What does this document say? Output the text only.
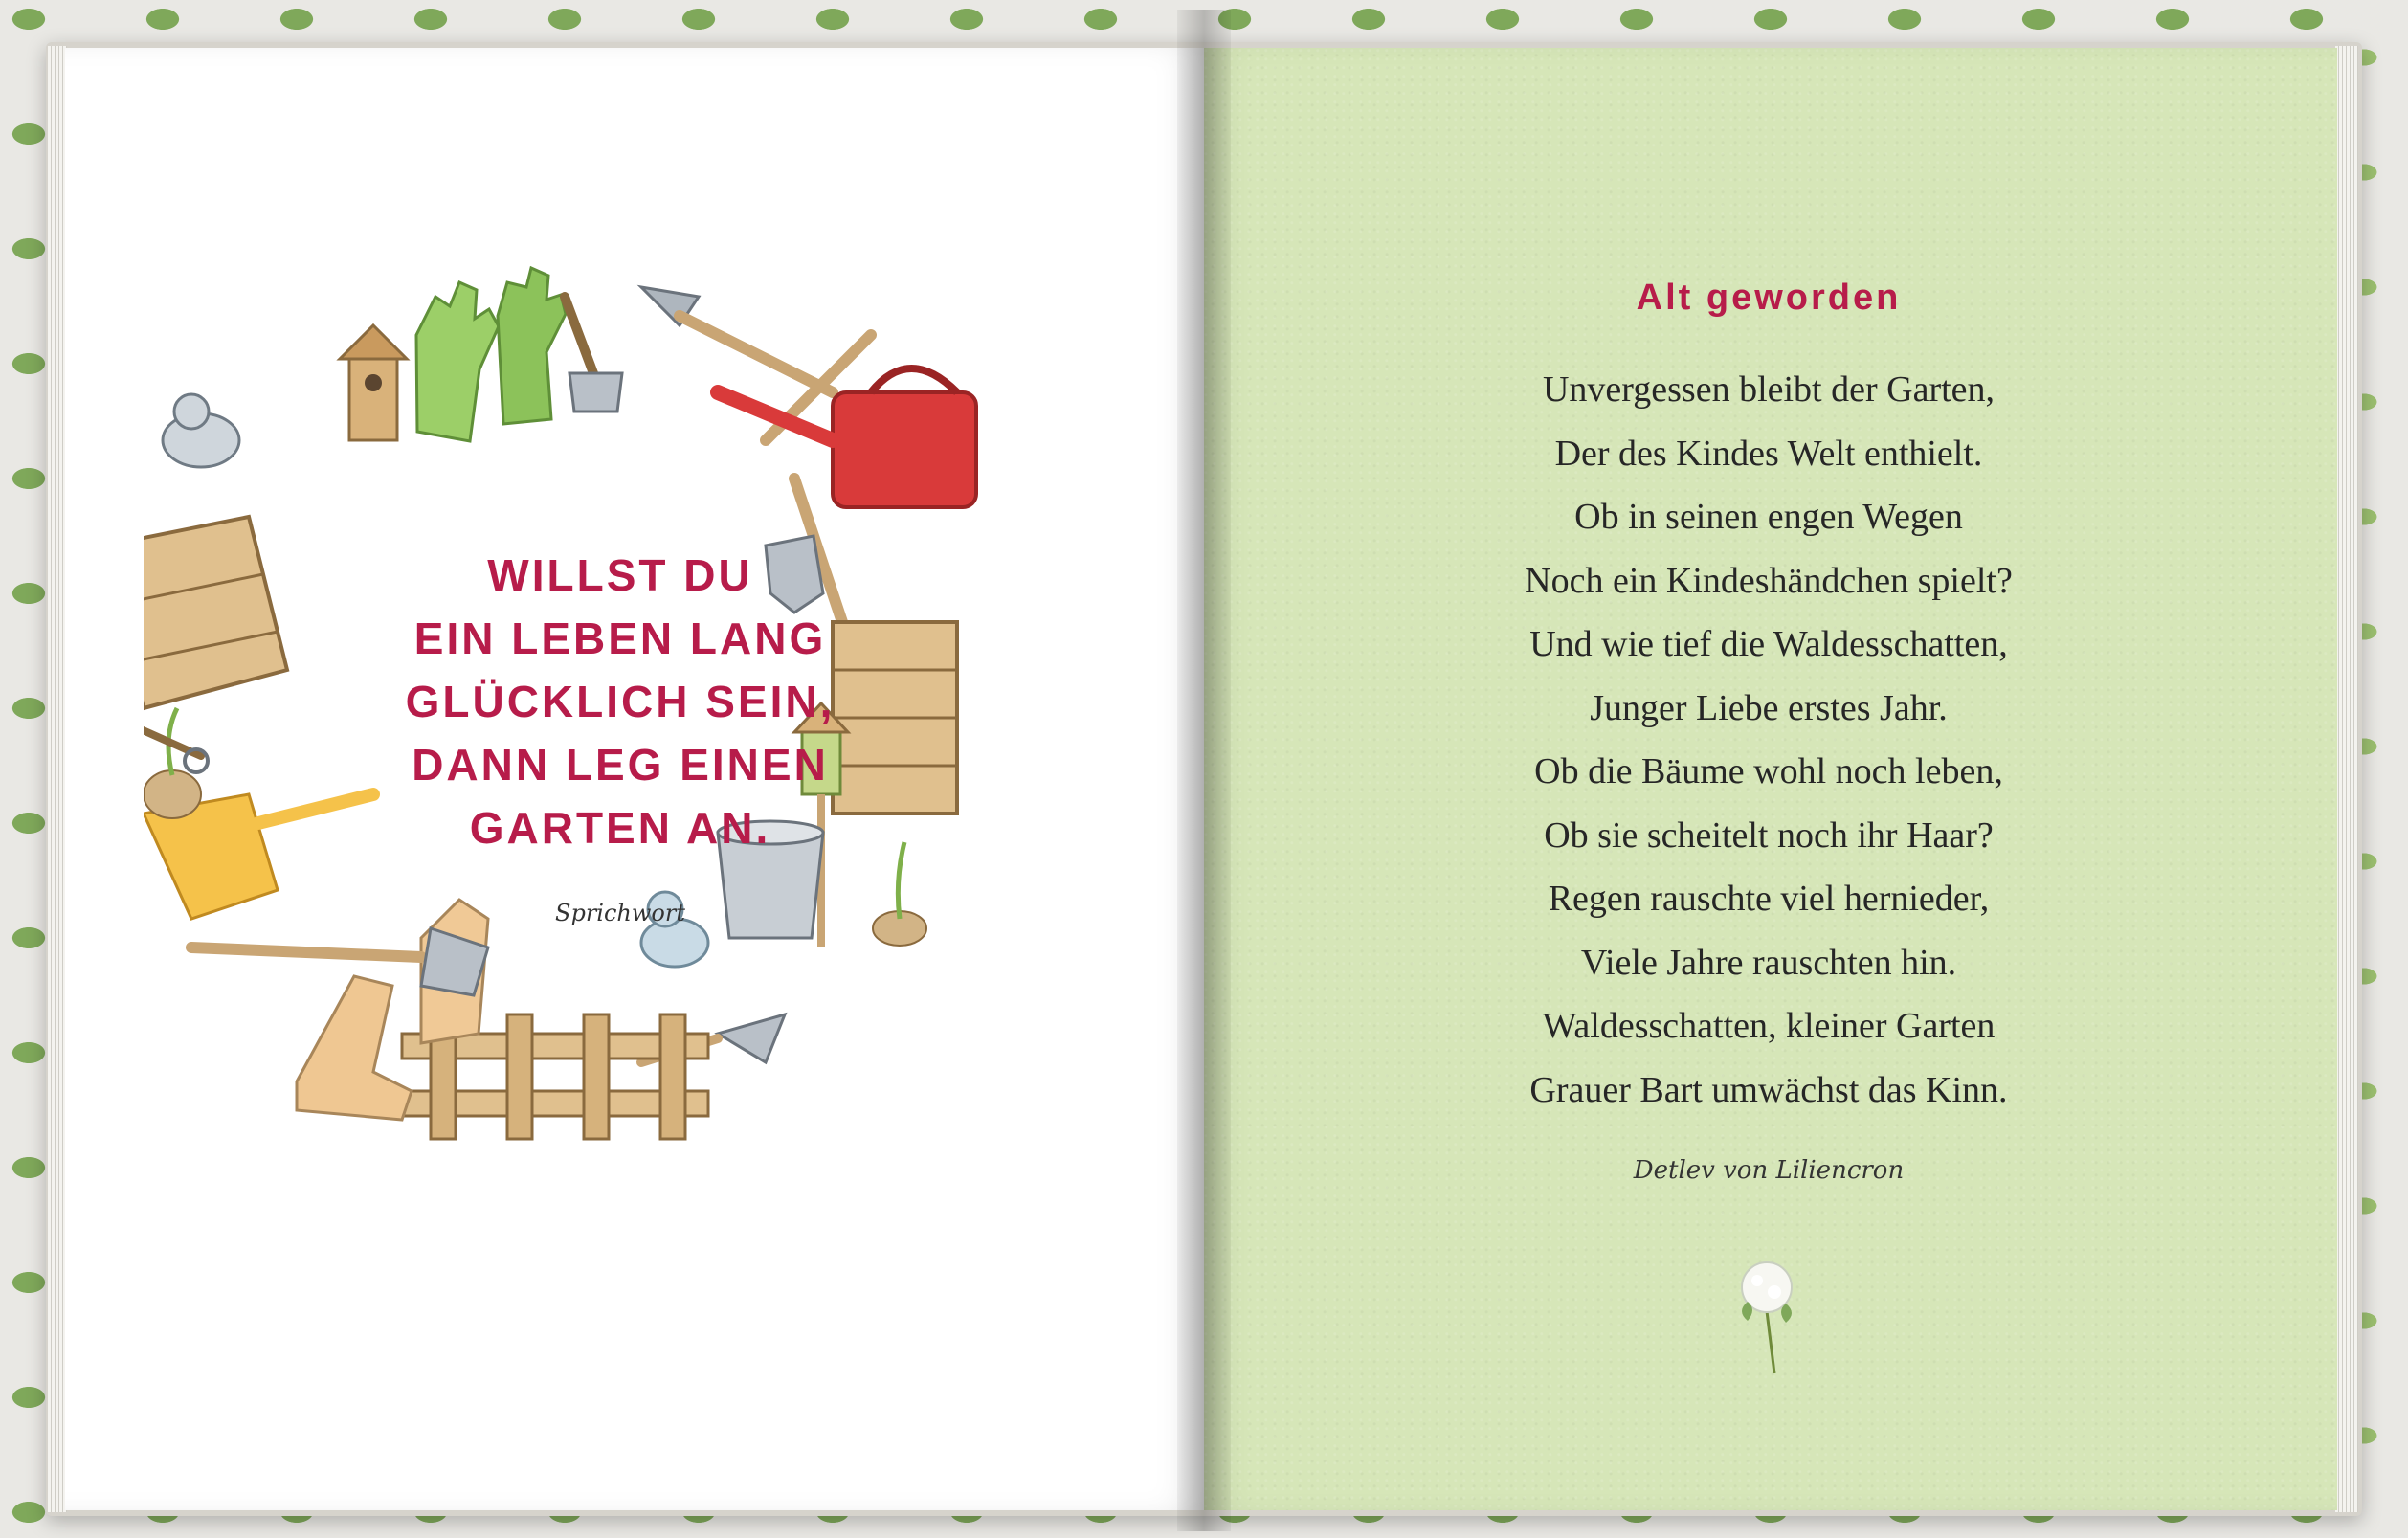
WILLST DU
EIN LEBEN LANG
GLÜCKLICH SEIN,
DANN LEG EINEN
GARTEN AN.
Sprichwort
Alt geworden
Unvergessen bleibt der Garten,
Der des Kindes Welt enthielt.
Ob in seinen engen Wegen
Noch ein Kindeshändchen spielt?
Und wie tief die Waldesschatten,
Junger Liebe erstes Jahr.
Ob die Bäume wohl noch leben,
Ob sie scheitelt noch ihr Haar?
Regen rauschte viel hernieder,
Viele Jahre rauschten hin.
Waldesschatten, kleiner Garten
Grauer Bart umwächst das Kinn.
Detlev von Liliencron
